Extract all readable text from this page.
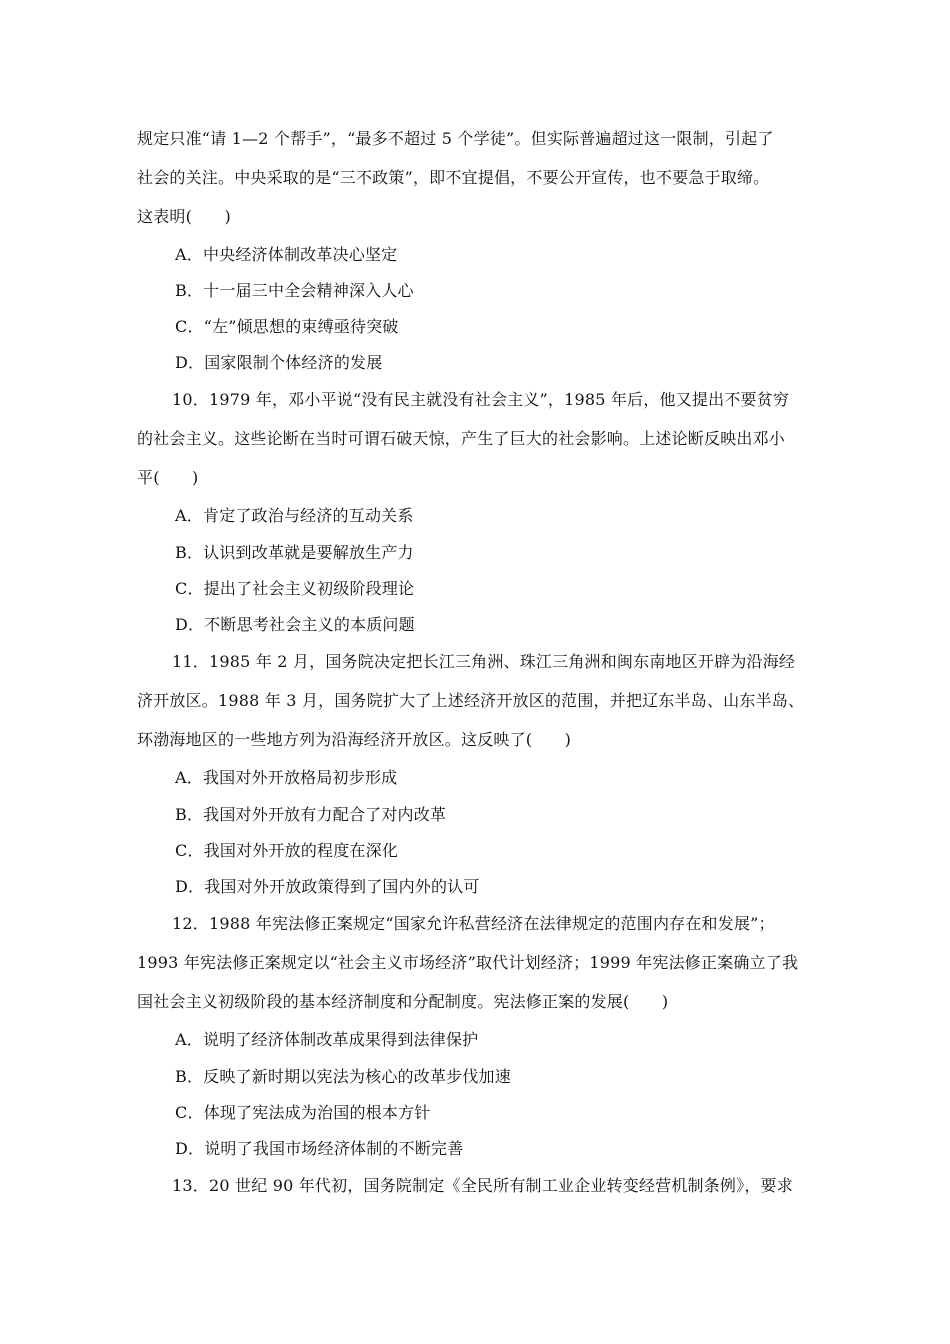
规定只准“请 1—2 个帮手”，“最多不超过 5 个学徒”。但实际普遍超过这一限制，引起了
社会的关注。中央采取的是“三不政策”，即不宜提倡，不要公开宣传，也不要急于取缔。
这表明(　　)
A．中央经济体制改革决心坚定
B．十一届三中全会精神深入人心
C．“左”倾思想的束缚亟待突破
D．国家限制个体经济的发展
10．1979 年，邓小平说“没有民主就没有社会主义”，1985 年后，他又提出不要贫穷
的社会主义。这些论断在当时可谓石破天惊，产生了巨大的社会影响。上述论断反映出邓小
平(　　)
A．肯定了政治与经济的互动关系
B．认识到改革就是要解放生产力
C．提出了社会主义初级阶段理论
D．不断思考社会主义的本质问题
11．1985 年 2 月，国务院决定把长江三角洲、珠江三角洲和闽东南地区开辟为沿海经
济开放区。1988 年 3 月，国务院扩大了上述经济开放区的范围，并把辽东半岛、山东半岛、
环渤海地区的一些地方列为沿海经济开放区。这反映了(　　)
A．我国对外开放格局初步形成
B．我国对外开放有力配合了对内改革
C．我国对外开放的程度在深化
D．我国对外开放政策得到了国内外的认可
12．1988 年宪法修正案规定“国家允许私营经济在法律规定的范围内存在和发展”；
1993 年宪法修正案规定以“社会主义市场经济”取代计划经济；1999 年宪法修正案确立了我
国社会主义初级阶段的基本经济制度和分配制度。宪法修正案的发展(　　)
A．说明了经济体制改革成果得到法律保护
B．反映了新时期以宪法为核心的改革步伐加速
C．体现了宪法成为治国的根本方针
D．说明了我国市场经济体制的不断完善
13．20 世纪 90 年代初，国务院制定《全民所有制工业企业转变经营机制条例》，要求
